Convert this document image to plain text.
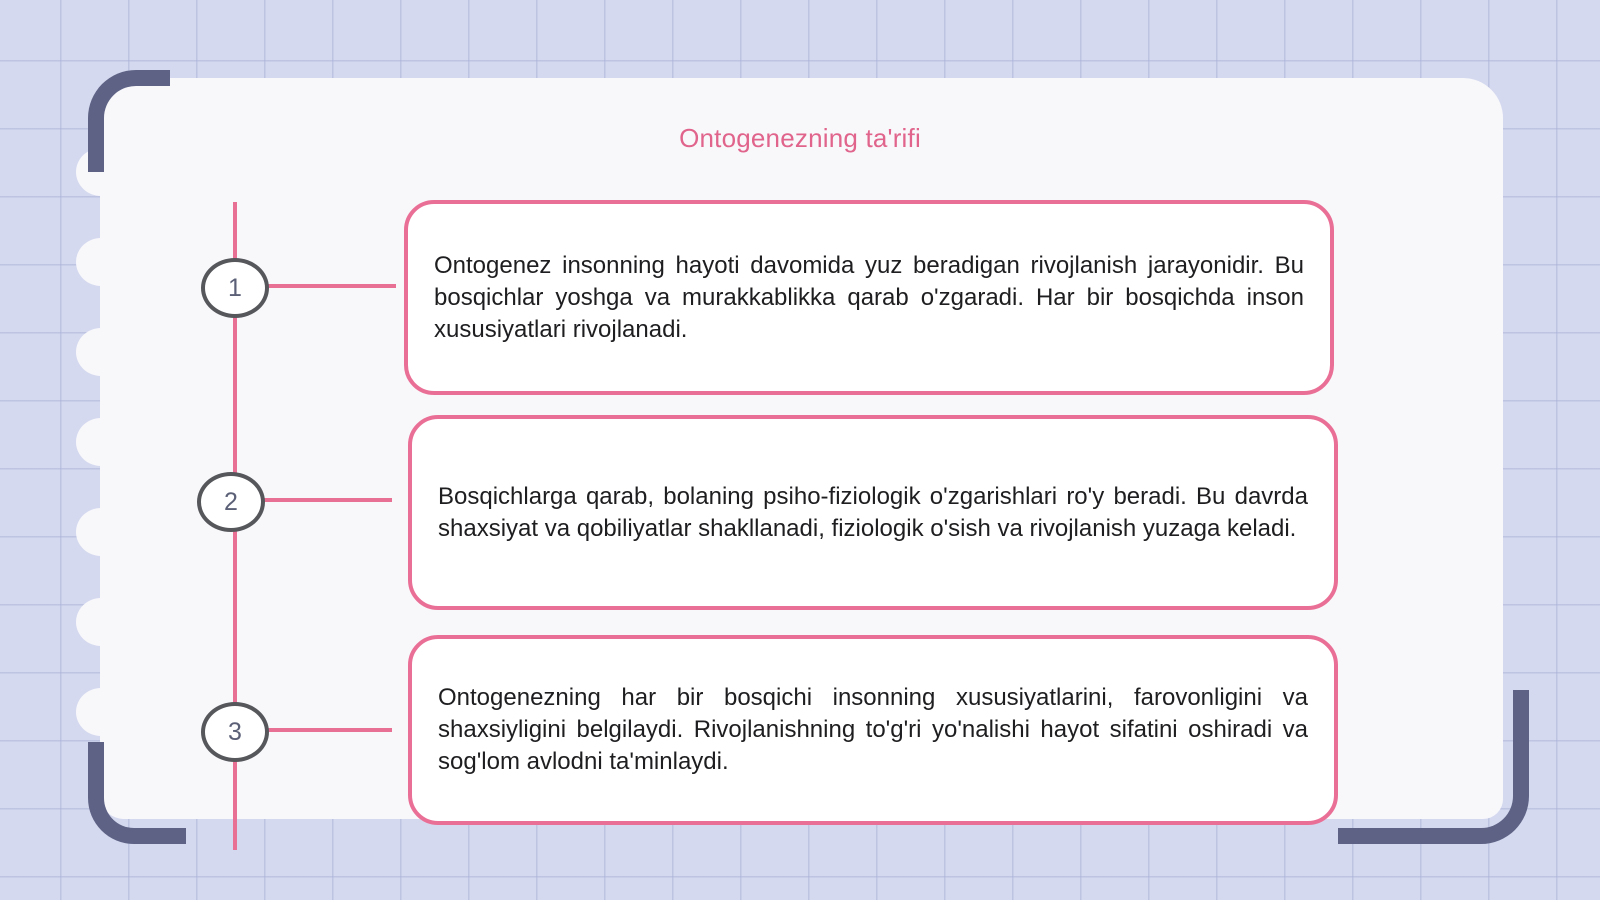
Ontogenezning ta'rifi
1

Ontogenez insonning hayoti davomida yuz beradigan rivojlanish jarayonidir. Bu bosqichlar yoshga va murakkablikka qarab o'zgaradi. Har bir bosqichda inson xususiyatlari rivojlanadi.

2	Bosqichlarga qarab, bolaning psiho-fiziologik o'zgarishlari ro'y beradi. Bu davrda shaxsiyat va qobiliyatlar shakllanadi, fiziologik o'sish va rivojlanish yuzaga keladi.

3

Ontogenezning har bir bosqichi insonning xususiyatlarini, farovonligini va shaxsiyligini belgilaydi. Rivojlanishning to'g'ri yo'nalishi hayot sifatini oshiradi va sog'lom avlodni ta'minlaydi.
